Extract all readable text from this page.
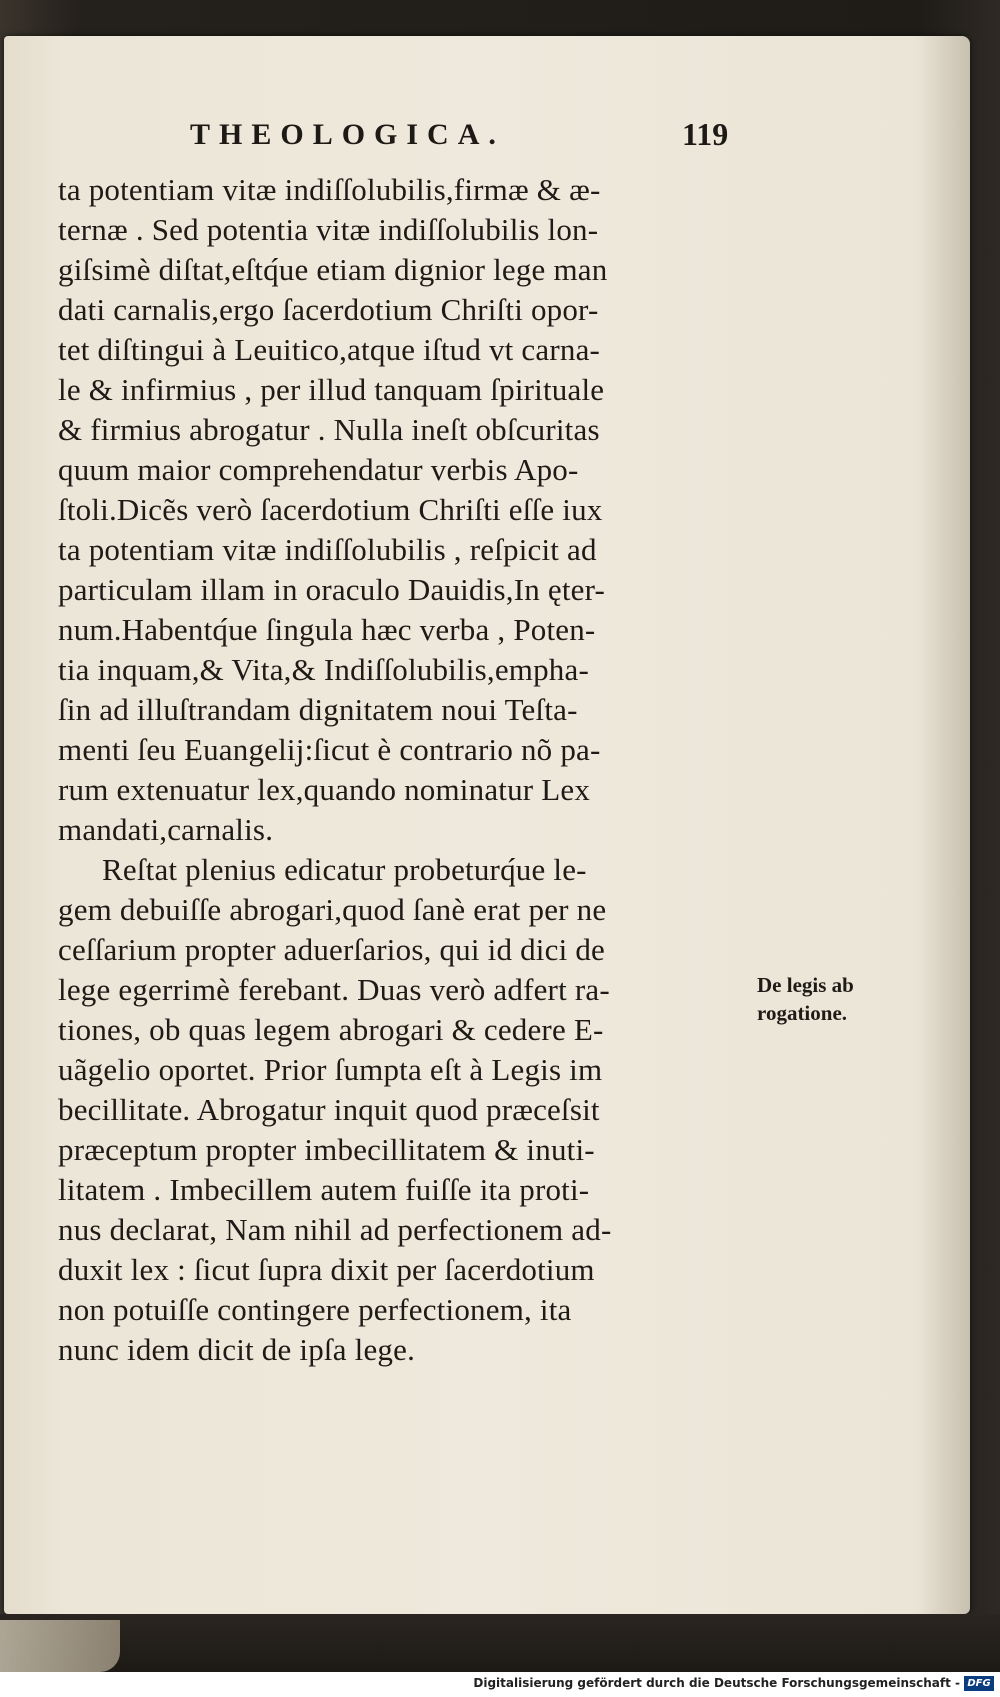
THEOLOGICA.	119
ta potentiam vitæ indiſſolubilis,firmæ & æ-
ternæ . Sed potentia vitæ indiſſolubilis lon-
giſsimè diſtat,eſtq́ue etiam dignior lege man
dati carnalis,ergo ſacerdotium Chriſti opor-
tet diſtingui à Leuitico,atque iſtud vt carna-
le & infirmius , per illud tanquam ſpirituale
& firmius abrogatur . Nulla ineſt obſcuritas
quum maior comprehendatur verbis Apo-
ſtoli.Dicẽs verò ſacerdotium Chriſti eſſe iux
ta potentiam vitæ indiſſolubilis , reſpicit ad
particulam illam in oraculo Dauidis,In ęter-
num.Habentq́ue ſingula hæc verba , Poten-
tia inquam,& Vita,& Indiſſolubilis,empha-
ſin ad illuſtrandam dignitatem noui Teſta-
menti ſeu Euangelij:ſicut è contrario nõ pa-
rum extenuatur lex,quando nominatur Lex
mandati,carnalis.
Reſtat plenius edicatur probeturq́ue le-
gem debuiſſe abrogari,quod ſanè erat per ne
ceſſarium propter aduerſarios, qui id dici de
lege egerrimè ferebant. Duas verò adfert ra-
tiones, ob quas legem abrogari & cedere E-
uãgelio oportet. Prior ſumpta eſt à Legis im
becillitate. Abrogatur inquit quod præceſsit
præceptum propter imbecillitatem & inuti-
litatem . Imbecillem autem fuiſſe ita proti-
nus declarat, Nam nihil ad perfectionem ad-
duxit lex : ſicut ſupra dixit per ſacerdotium
non potuiſſe contingere perfectionem, ita
nunc idem dicit de ipſa lege.
De legis ab
rogatione.
Digitalisierung gefördert durch die Deutsche Forschungsgemeinschaft - DFG
